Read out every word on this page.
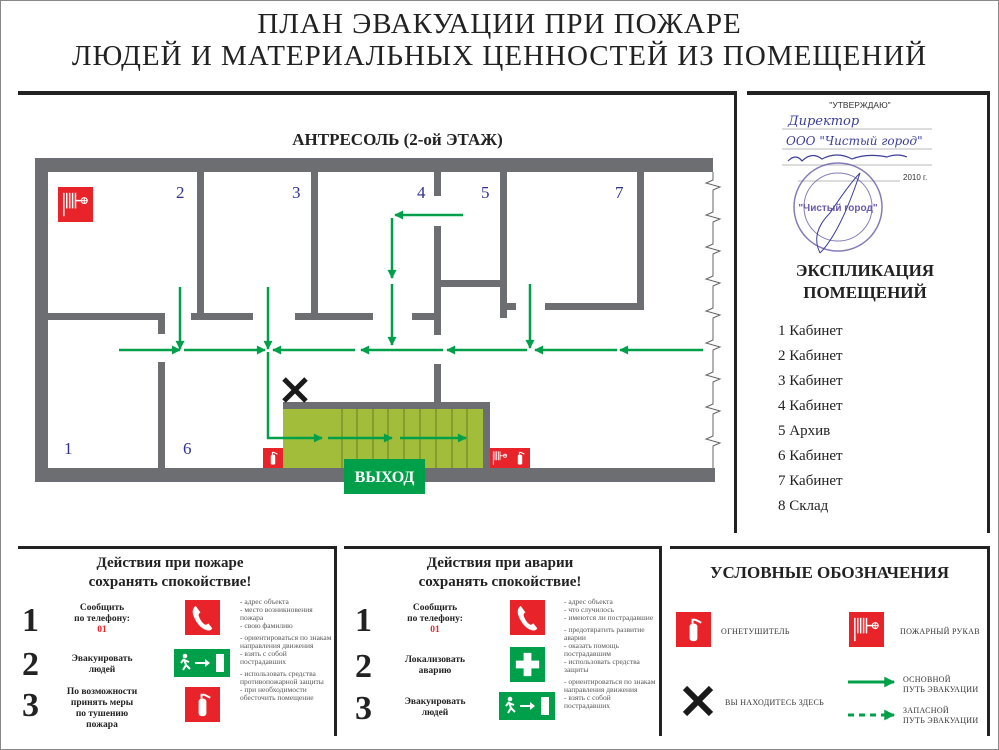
ПЛАН ЭВАКУАЦИИ ПРИ ПОЖАРЕ
ЛЮДЕЙ И МАТЕРИАЛЬНЫХ ЦЕННОСТЕЙ ИЗ ПОМЕЩЕНИЙ
АНТРЕСОЛЬ (2-ой ЭТАЖ)
2	3	4	5	7
1	6
ВЫХОД
"УТВЕРЖДАЮ"
Директор
ООО "Чистый город"
2010 г.
"Чистый город"
ЭКСПЛИКАЦИЯ
ПОМЕЩЕНИЙ
1 Кабинет
2 Кабинет
3 Кабинет
4 Кабинет
5 Архив
6 Кабинет
7 Кабинет
8 Склад
Действия при пожаре
сохранять спокойствие!
1	Сообщить
по телефону:
01
2	Эвакуировать
людей
3	По возможности
принять меры
по тушению
пожара
- адрес объекта
- место возникновения пожара
- свою фамилию
- ориентироваться по знакам направления движения
- взять с собой пострадавших
- использовать средства противопожарной защиты
- при необходимости обесточить помещение
Действия при аварии
сохранять спокойствие!
1	Сообщить
по телефону:
01
2	Локализовать
аварию
3	Эвакуировать
людей
- адрес объекта
- что случилось
- имеются ли пострадавшие
- предотвратить развитие аварии
- оказать помощь пострадавшим
- использовать средства защиты
- ориентироваться по знакам направления движения
- взять с собой пострадавших
УСЛОВНЫЕ ОБОЗНАЧЕНИЯ
ОГНЕТУШИТЕЛЬ	ПОЖАРНЫЙ РУКАВ
ВЫ НАХОДИТЕСЬ ЗДЕСЬ
ОСНОВНОЙ
ПУТЬ ЭВАКУАЦИИ
ЗАПАСНОЙ
ПУТЬ ЭВАКУАЦИИ
